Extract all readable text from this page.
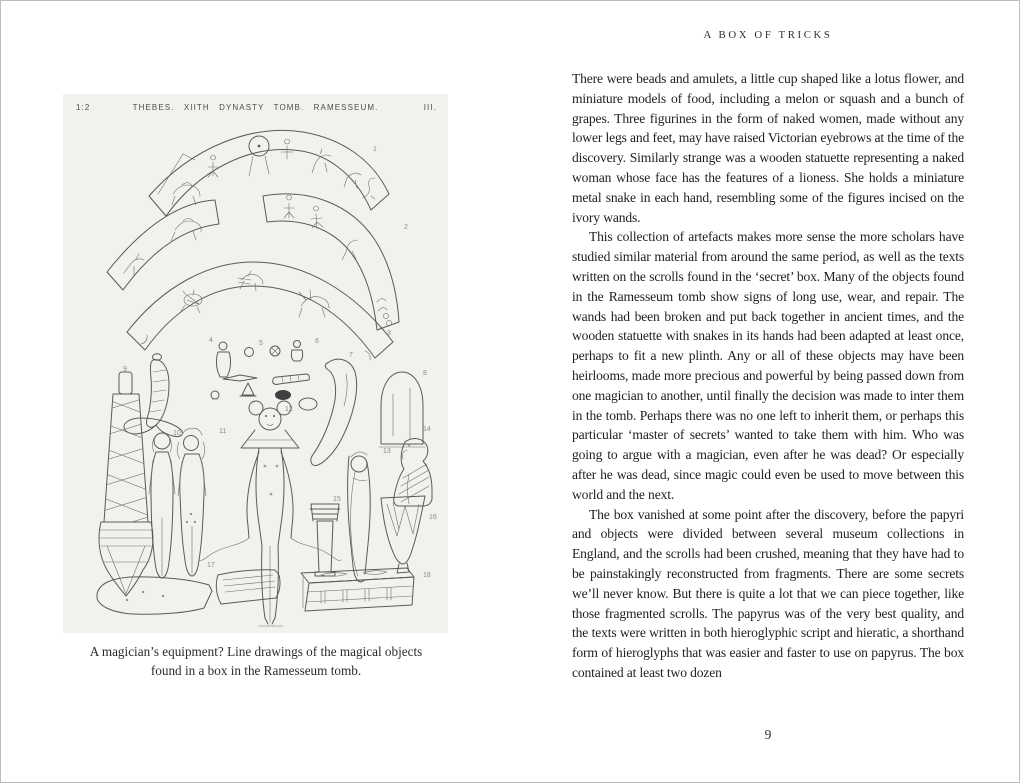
1:2	THEBES. XIITH DYNASTY TOMB. RAMESSEUM.	III.
1
2
3
4	5	6
7
8
9
10	11
12
13
14
15
16
17
18
A magician’s equipment? Line drawings of the magical objects
found in a box in the Ramesseum tomb.
A BOX OF TRICKS

There were beads and amulets, a little cup shaped like a lotus flower, and miniature models of food, including a melon or squash and a bunch of grapes. Three figurines in the form of naked women, made without any lower legs and feet, may have raised Victorian eyebrows at the time of the discovery. Similarly strange was a wooden statuette representing a naked woman whose face has the features of a lioness. She holds a miniature metal snake in each hand, resembling some of the figures incised on the ivory wands.

This collection of artefacts makes more sense the more scholars have studied similar material from around the same period, as well as the texts written on the scrolls found in the ‘secret’ box. Many of the objects found in the Ramesseum tomb show signs of long use, wear, and repair. The wands had been broken and put back together in ancient times, and the wooden statuette with snakes in its hands had been adapted at least once, perhaps to fit a new plinth. Any or all of these objects may have been heirlooms, made more precious and powerful by being passed down from one magician to another, until finally the decision was made to inter them in the tomb. Perhaps there was no one left to inherit them, or perhaps this particular ‘master of secrets’ wanted to take them with him. Who was going to argue with a magician, even after he was dead? Or especially after he was dead, since magic could even be used to move between this world and the next.

The box vanished at some point after the discovery, before the papyri and objects were divided between several museum collections in England, and the scrolls had been crushed, meaning that they have had to be painstakingly reconstructed from fragments. There are some secrets we’ll never know. But there is quite a lot that we can piece together, like those fragmented scrolls. The papyrus was of the very best quality, and the texts were written in both hieroglyphic script and hieratic, a shorthand form of hieroglyphs that was easier and faster to use on papyrus. The box contained at least two dozen

9
